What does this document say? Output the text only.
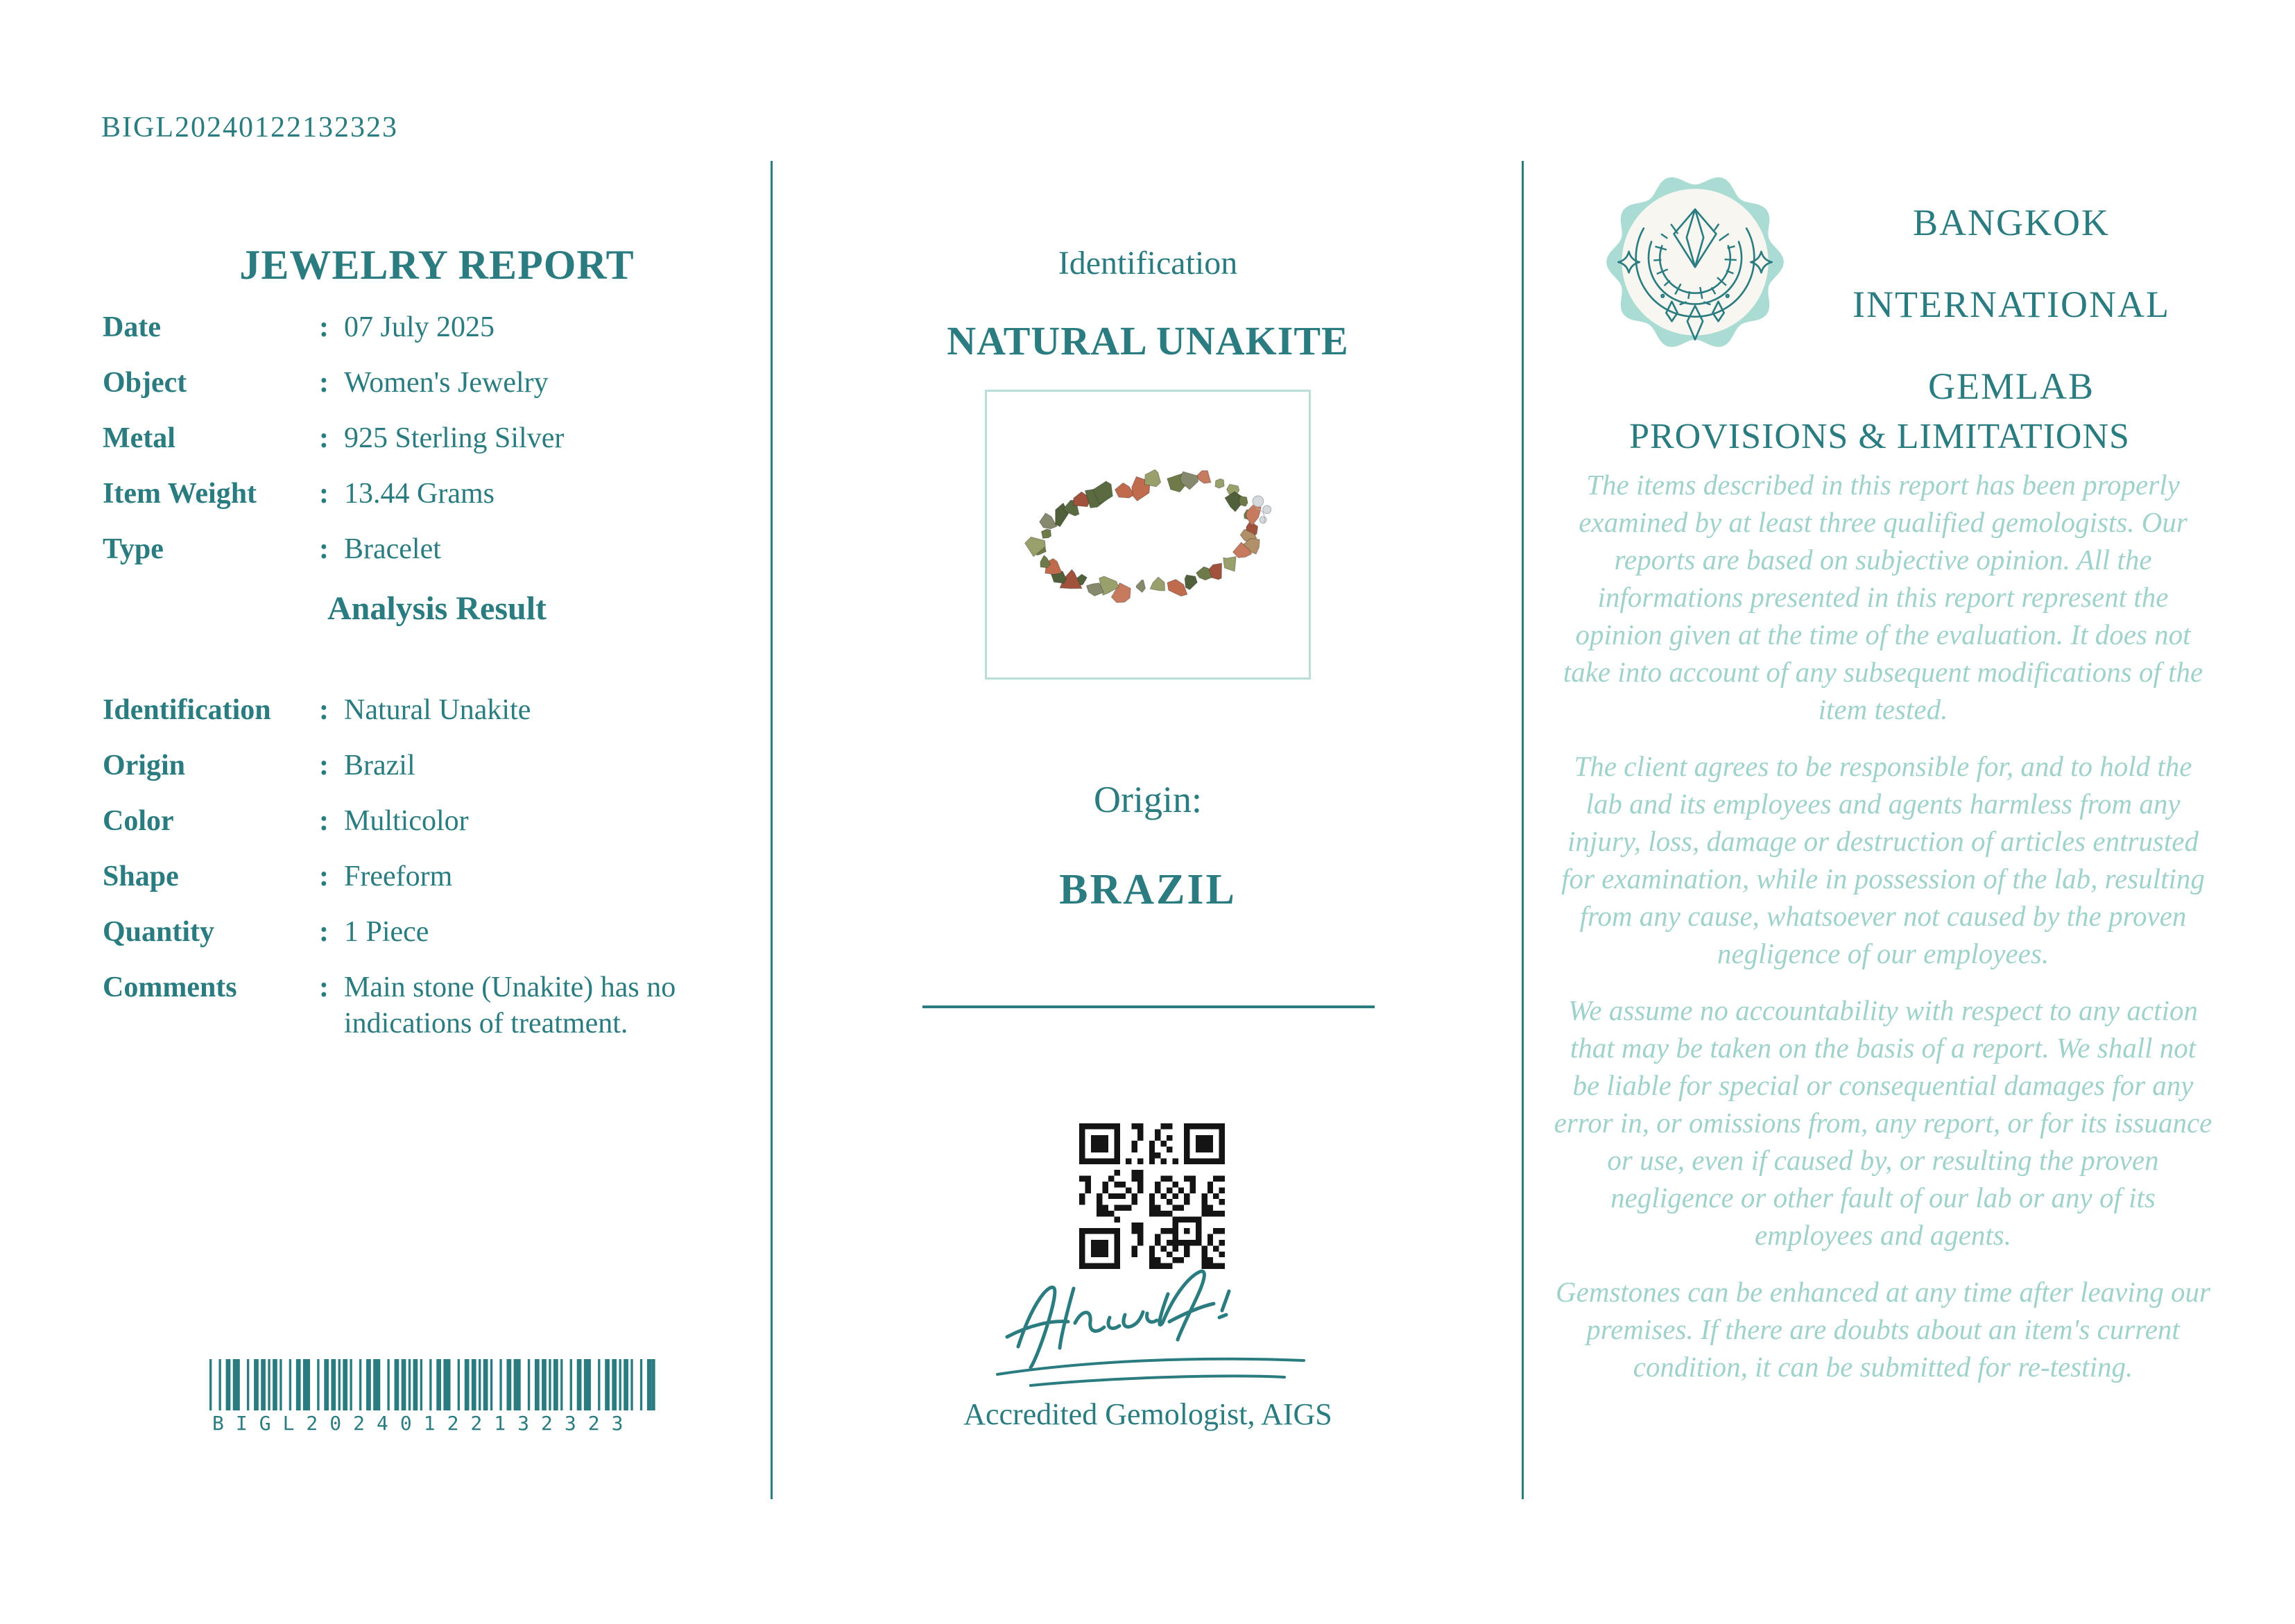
BIGL20240122132323
JEWELRY REPORT
Date	: 07 July 2025
Object	: Women's Jewelry
Metal	: 925 Sterling Silver
Item Weight	: 13.44 Grams
Type	: Bracelet
Analysis Result
Identification	: Natural Unakite
Origin	: Brazil
Color	: Multicolor
Shape	: Freeform
Quantity	: 1 Piece
Comments	: Main stone (Unakite) has no indications of treatment.
BIGL20240122132323
Identification
NATURAL UNAKITE
Origin:
BRAZIL
Accredited Gemologist, AIGS
BANGKOK
INTERNATIONAL
GEMLAB
PROVISIONS & LIMITATIONS

The items described in this report has been properly examined by at least three qualified gemologists. Our reports are based on subjective opinion. All the informations presented in this report represent the opinion given at the time of the evaluation. It does not take into account of any subsequent modifications of the item tested.

The client agrees to be responsible for, and to hold the lab and its employees and agents harmless from any injury, loss, damage or destruction of articles entrusted for examination, while in possession of the lab, resulting from any cause, whatsoever not caused by the proven negligence of our employees.

We assume no accountability with respect to any action that may be taken on the basis of a report. We shall not be liable for special or consequential damages for any error in, or omissions from, any report, or for its issuance or use, even if caused by, or resulting the proven negligence or other fault of our lab or any of its employees and agents.

Gemstones can be enhanced at any time after leaving our premises. If there are doubts about an item's current condition, it can be submitted for re-testing.
